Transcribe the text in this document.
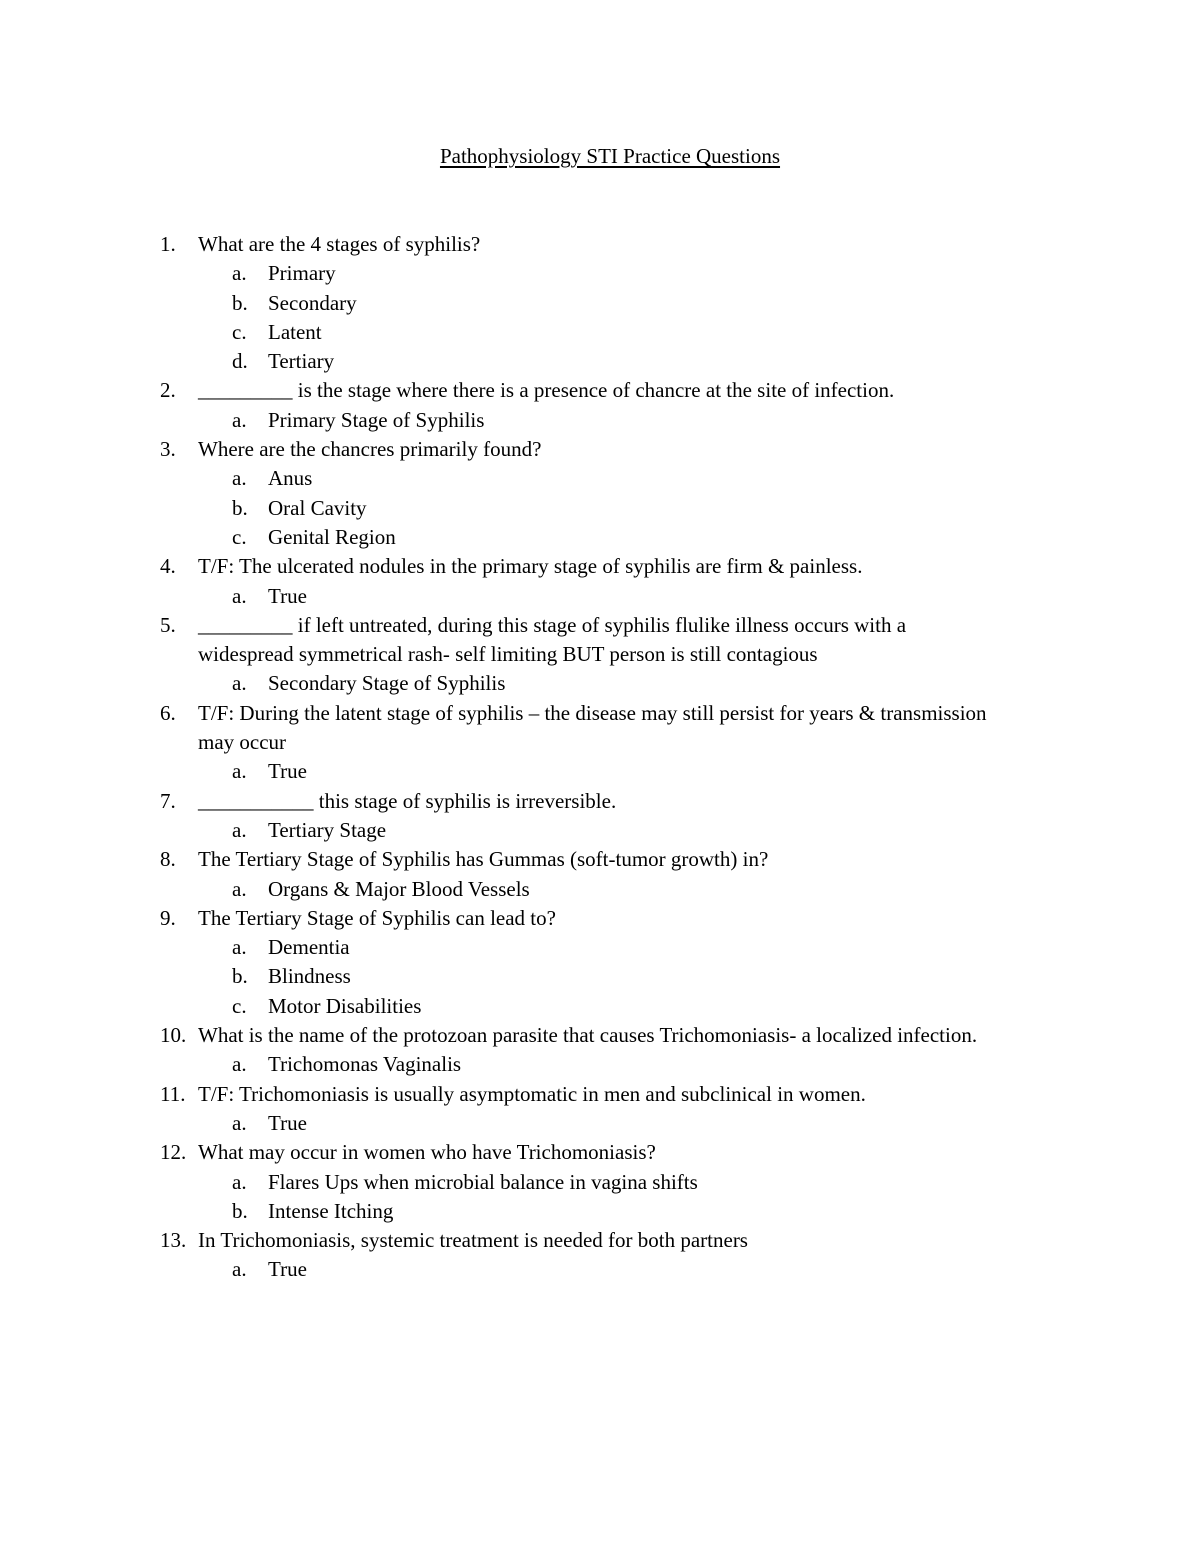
Pathophysiology STI Practice Questions
1. What are the 4 stages of syphilis?
a. Primary
b. Secondary
c. Latent
d. Tertiary
2. _________ is the stage where there is a presence of chancre at the site of infection.
a. Primary Stage of Syphilis
3. Where are the chancres primarily found?
a. Anus
b. Oral Cavity
c. Genital Region
4. T/F: The ulcerated nodules in the primary stage of syphilis are firm & painless.
a. True
5. _________ if left untreated, during this stage of syphilis flulike illness occurs with a widespread symmetrical rash- self limiting BUT person is still contagious
a. Secondary Stage of Syphilis
6. T/F: During the latent stage of syphilis – the disease may still persist for years & transmission may occur
a. True
7. ___________ this stage of syphilis is irreversible.
a. Tertiary Stage
8. The Tertiary Stage of Syphilis has Gummas (soft-tumor growth) in?
a. Organs & Major Blood Vessels
9. The Tertiary Stage of Syphilis can lead to?
a. Dementia
b. Blindness
c. Motor Disabilities
10. What is the name of the protozoan parasite that causes Trichomoniasis- a localized infection.
a. Trichomonas Vaginalis
11. T/F: Trichomoniasis is usually asymptomatic in men and subclinical in women.
a. True
12. What may occur in women who have Trichomoniasis?
a. Flares Ups when microbial balance in vagina shifts
b. Intense Itching
13. In Trichomoniasis, systemic treatment is needed for both partners
a. True
